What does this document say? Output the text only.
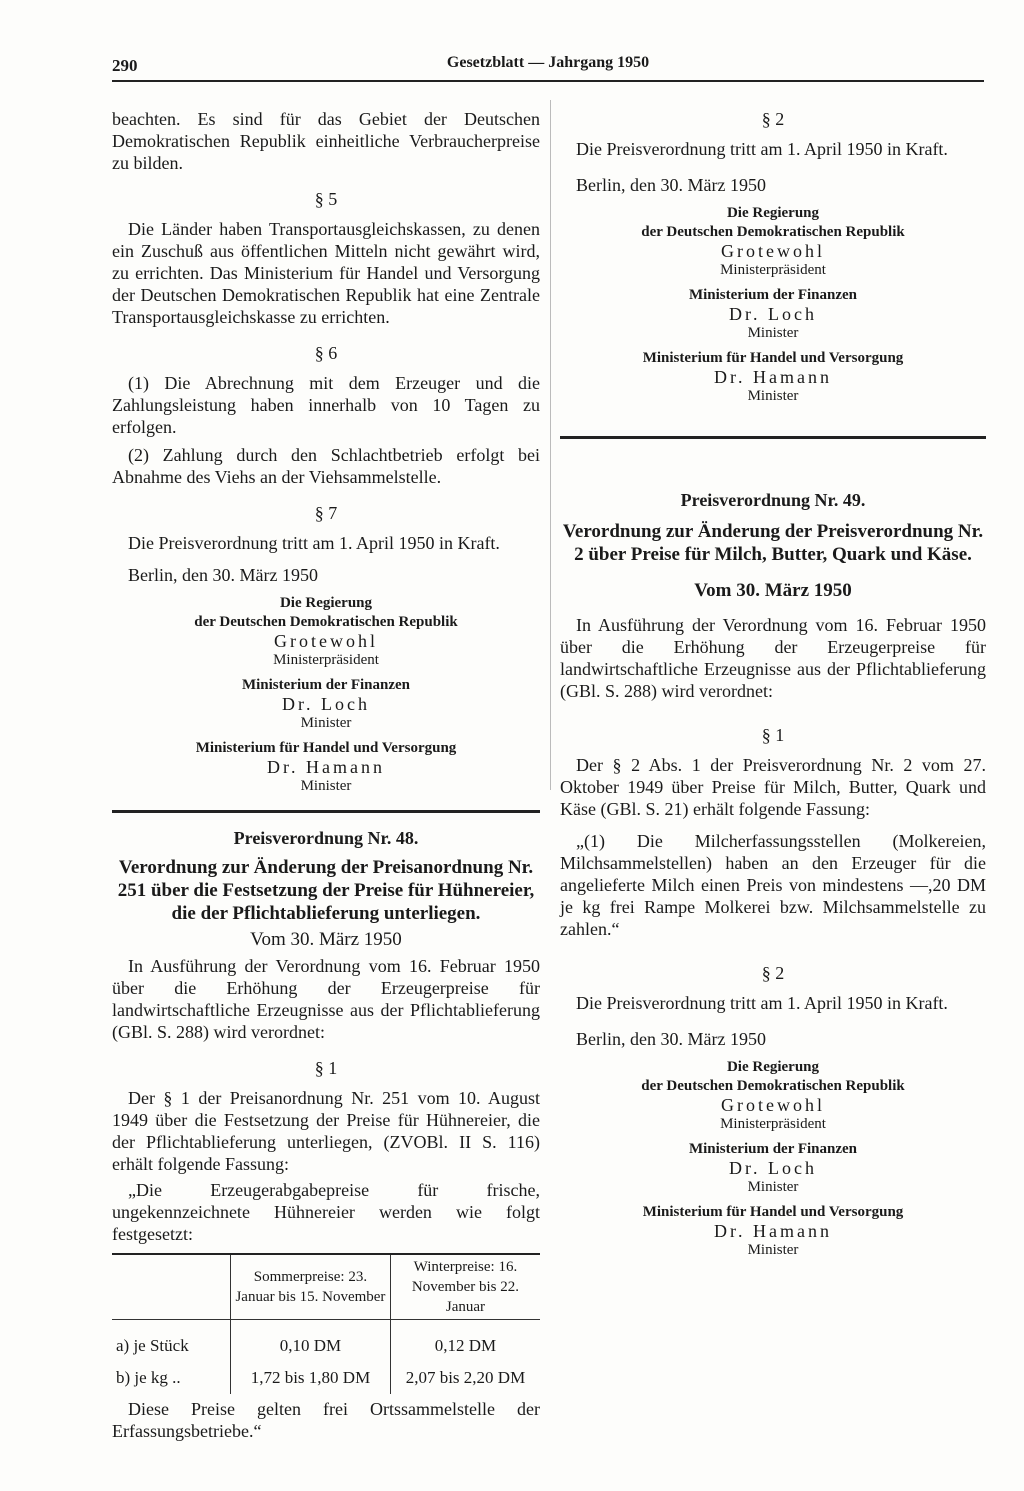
290	Gesetzblatt — Jahrgang 1950

beachten. Es sind für das Gebiet der Deutschen Demokratischen Republik einheitliche Verbraucherpreise zu bilden.

§ 5

Die Länder haben Transportausgleichskassen, zu denen ein Zuschuß aus öffentlichen Mitteln nicht gewährt wird, zu errichten. Das Ministerium für Handel und Versorgung der Deutschen Demokratischen Republik hat eine Zentrale Transportausgleichskasse zu errichten.

§ 6

(1) Die Abrechnung mit dem Erzeuger und die Zahlungsleistung haben innerhalb von 10 Tagen zu erfolgen.

(2) Zahlung durch den Schlachtbetrieb erfolgt bei Abnahme des Viehs an der Viehsammelstelle.

§ 7

Die Preisverordnung tritt am 1. April 1950 in Kraft.

Berlin, den 30. März 1950
Die Regierung
der Deutschen Demokratischen Republik
Grotewohl
Ministerpräsident
Ministerium der Finanzen
Dr. Loch
Minister
Ministerium für Handel und Versorgung
Dr. Hamann
Minister
Preisverordnung Nr. 48.
Verordnung zur Änderung der Preisanordnung Nr. 251 über die Festsetzung der Preise für Hühnereier, die der Pflichtablieferung unterliegen.
Vom 30. März 1950

In Ausführung der Verordnung vom 16. Februar 1950 über die Erhöhung der Erzeugerpreise für landwirtschaftliche Erzeugnisse aus der Pflichtablieferung (GBl. S. 288) wird verordnet:

§ 1

Der § 1 der Preisanordnung Nr. 251 vom 10. August 1949 über die Festsetzung der Preise für Hühnereier, die der Pflichtablieferung unterliegen, (ZVOBl. II S. 116) erhält folgende Fassung:

„Die Erzeugerabgabepreise für frische, ungekennzeichnete Hühnereier werden wie folgt festgesetzt:

	Sommerpreise: 23. Januar bis 15. November	Winterpreise: 16. November bis 22. Januar
a) je Stück	0,10 DM	0,12 DM
b) je kg ..	1,72 bis 1,80 DM	2,07 bis 2,20 DM

Diese Preise gelten frei Ortssammelstelle der Erfassungsbetriebe.“

§ 2

Die Preisverordnung tritt am 1. April 1950 in Kraft.

Berlin, den 30. März 1950
Die Regierung
der Deutschen Demokratischen Republik
Grotewohl
Ministerpräsident
Ministerium der Finanzen
Dr. Loch
Minister
Ministerium für Handel und Versorgung
Dr. Hamann
Minister
Preisverordnung Nr. 49.
Verordnung zur Änderung der Preisverordnung Nr. 2 über Preise für Milch, Butter, Quark und Käse.
Vom 30. März 1950

In Ausführung der Verordnung vom 16. Februar 1950 über die Erhöhung der Erzeugerpreise für landwirtschaftliche Erzeugnisse aus der Pflichtablieferung (GBl. S. 288) wird verordnet:

§ 1

Der § 2 Abs. 1 der Preisverordnung Nr. 2 vom 27. Oktober 1949 über Preise für Milch, Butter, Quark und Käse (GBl. S. 21) erhält folgende Fassung:

„(1) Die Milcherfassungsstellen (Molkereien, Milchsammelstellen) haben an den Erzeuger für die angelieferte Milch einen Preis von mindestens —,20 DM je kg frei Rampe Molkerei bzw. Milchsammelstelle zu zahlen.“

§ 2

Die Preisverordnung tritt am 1. April 1950 in Kraft.

Berlin, den 30. März 1950
Die Regierung
der Deutschen Demokratischen Republik
Grotewohl
Ministerpräsident
Ministerium der Finanzen
Dr. Loch
Minister
Ministerium für Handel und Versorgung
Dr. Hamann
Minister
